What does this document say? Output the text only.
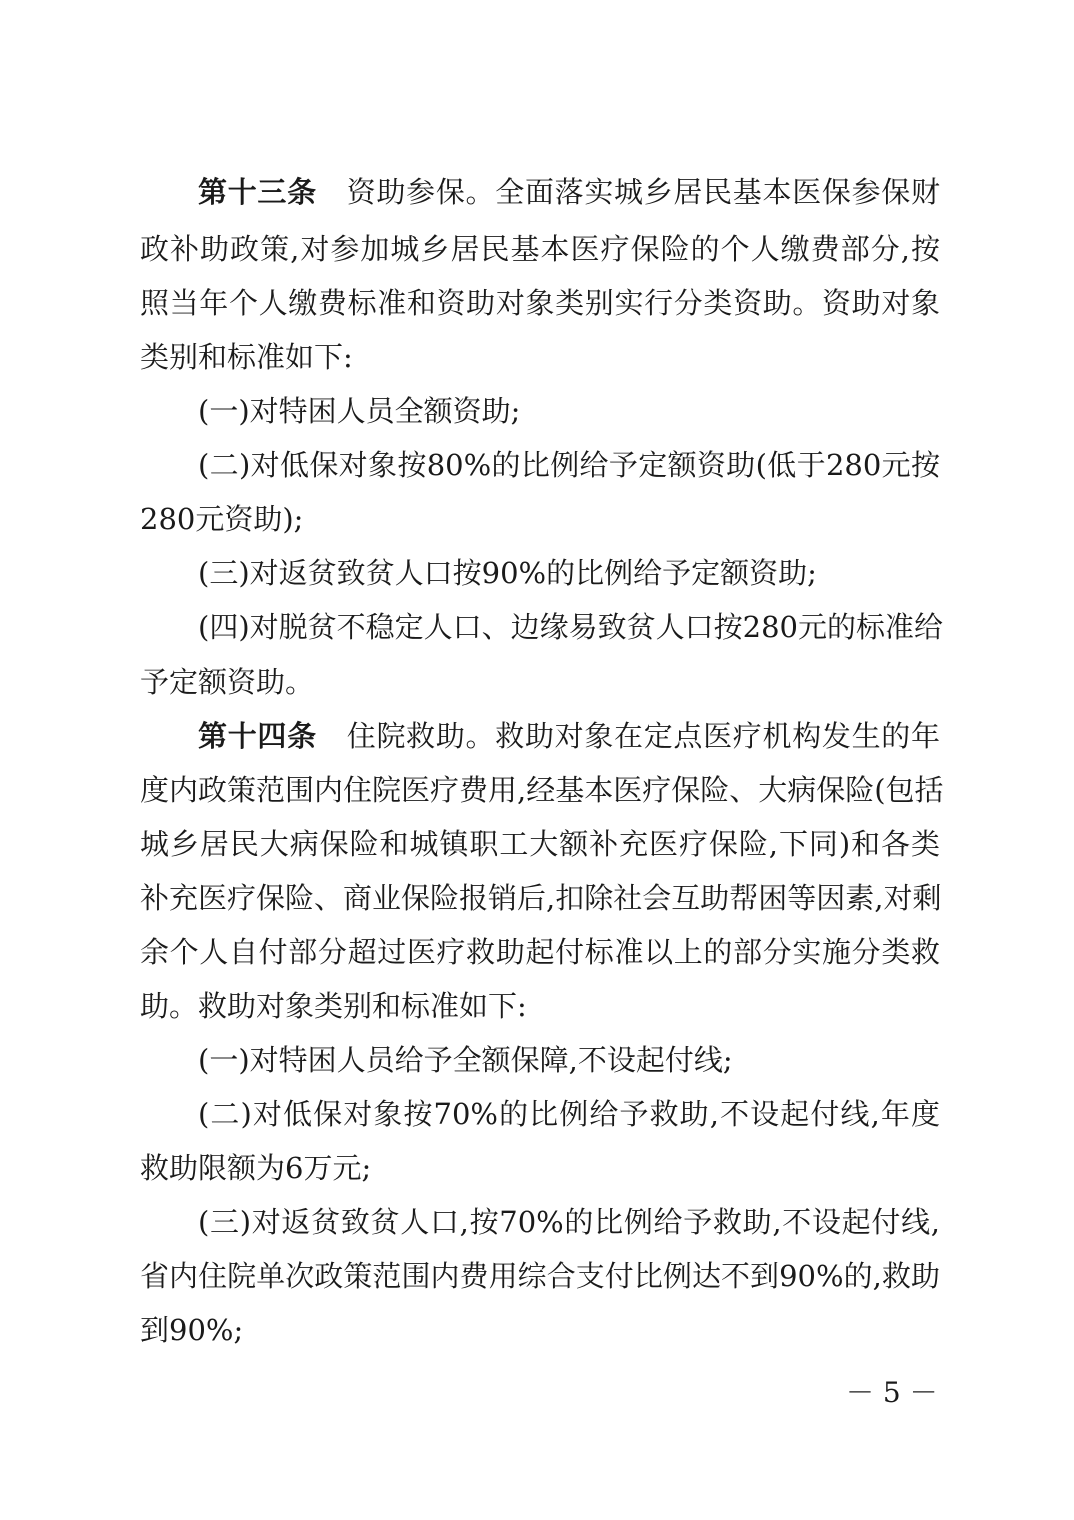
第十三条 资助参保。全面落实城乡居民基本医保参保财
政补助政策,对参加城乡居民基本医疗保险的个人缴费部分,按
照当年个人缴费标准和资助对象类别实行分类资助。资助对象
类别和标准如下:
(一)对特困人员全额资助;
(二)对低保对象按80%的比例给予定额资助(低于280元按
280元资助);
(三)对返贫致贫人口按90%的比例给予定额资助;
(四)对脱贫不稳定人口、边缘易致贫人口按280元的标准给
予定额资助。
第十四条 住院救助。救助对象在定点医疗机构发生的年
度内政策范围内住院医疗费用,经基本医疗保险、大病保险(包括
城乡居民大病保险和城镇职工大额补充医疗保险,下同)和各类
补充医疗保险、商业保险报销后,扣除社会互助帮困等因素,对剩
余个人自付部分超过医疗救助起付标准以上的部分实施分类救
助。救助对象类别和标准如下:
(一)对特困人员给予全额保障,不设起付线;
(二)对低保对象按70%的比例给予救助,不设起付线,年度
救助限额为6万元;
(三)对返贫致贫人口,按70%的比例给予救助,不设起付线,
省内住院单次政策范围内费用综合支付比例达不到90%的,救助
到90%;
－ 5 －
